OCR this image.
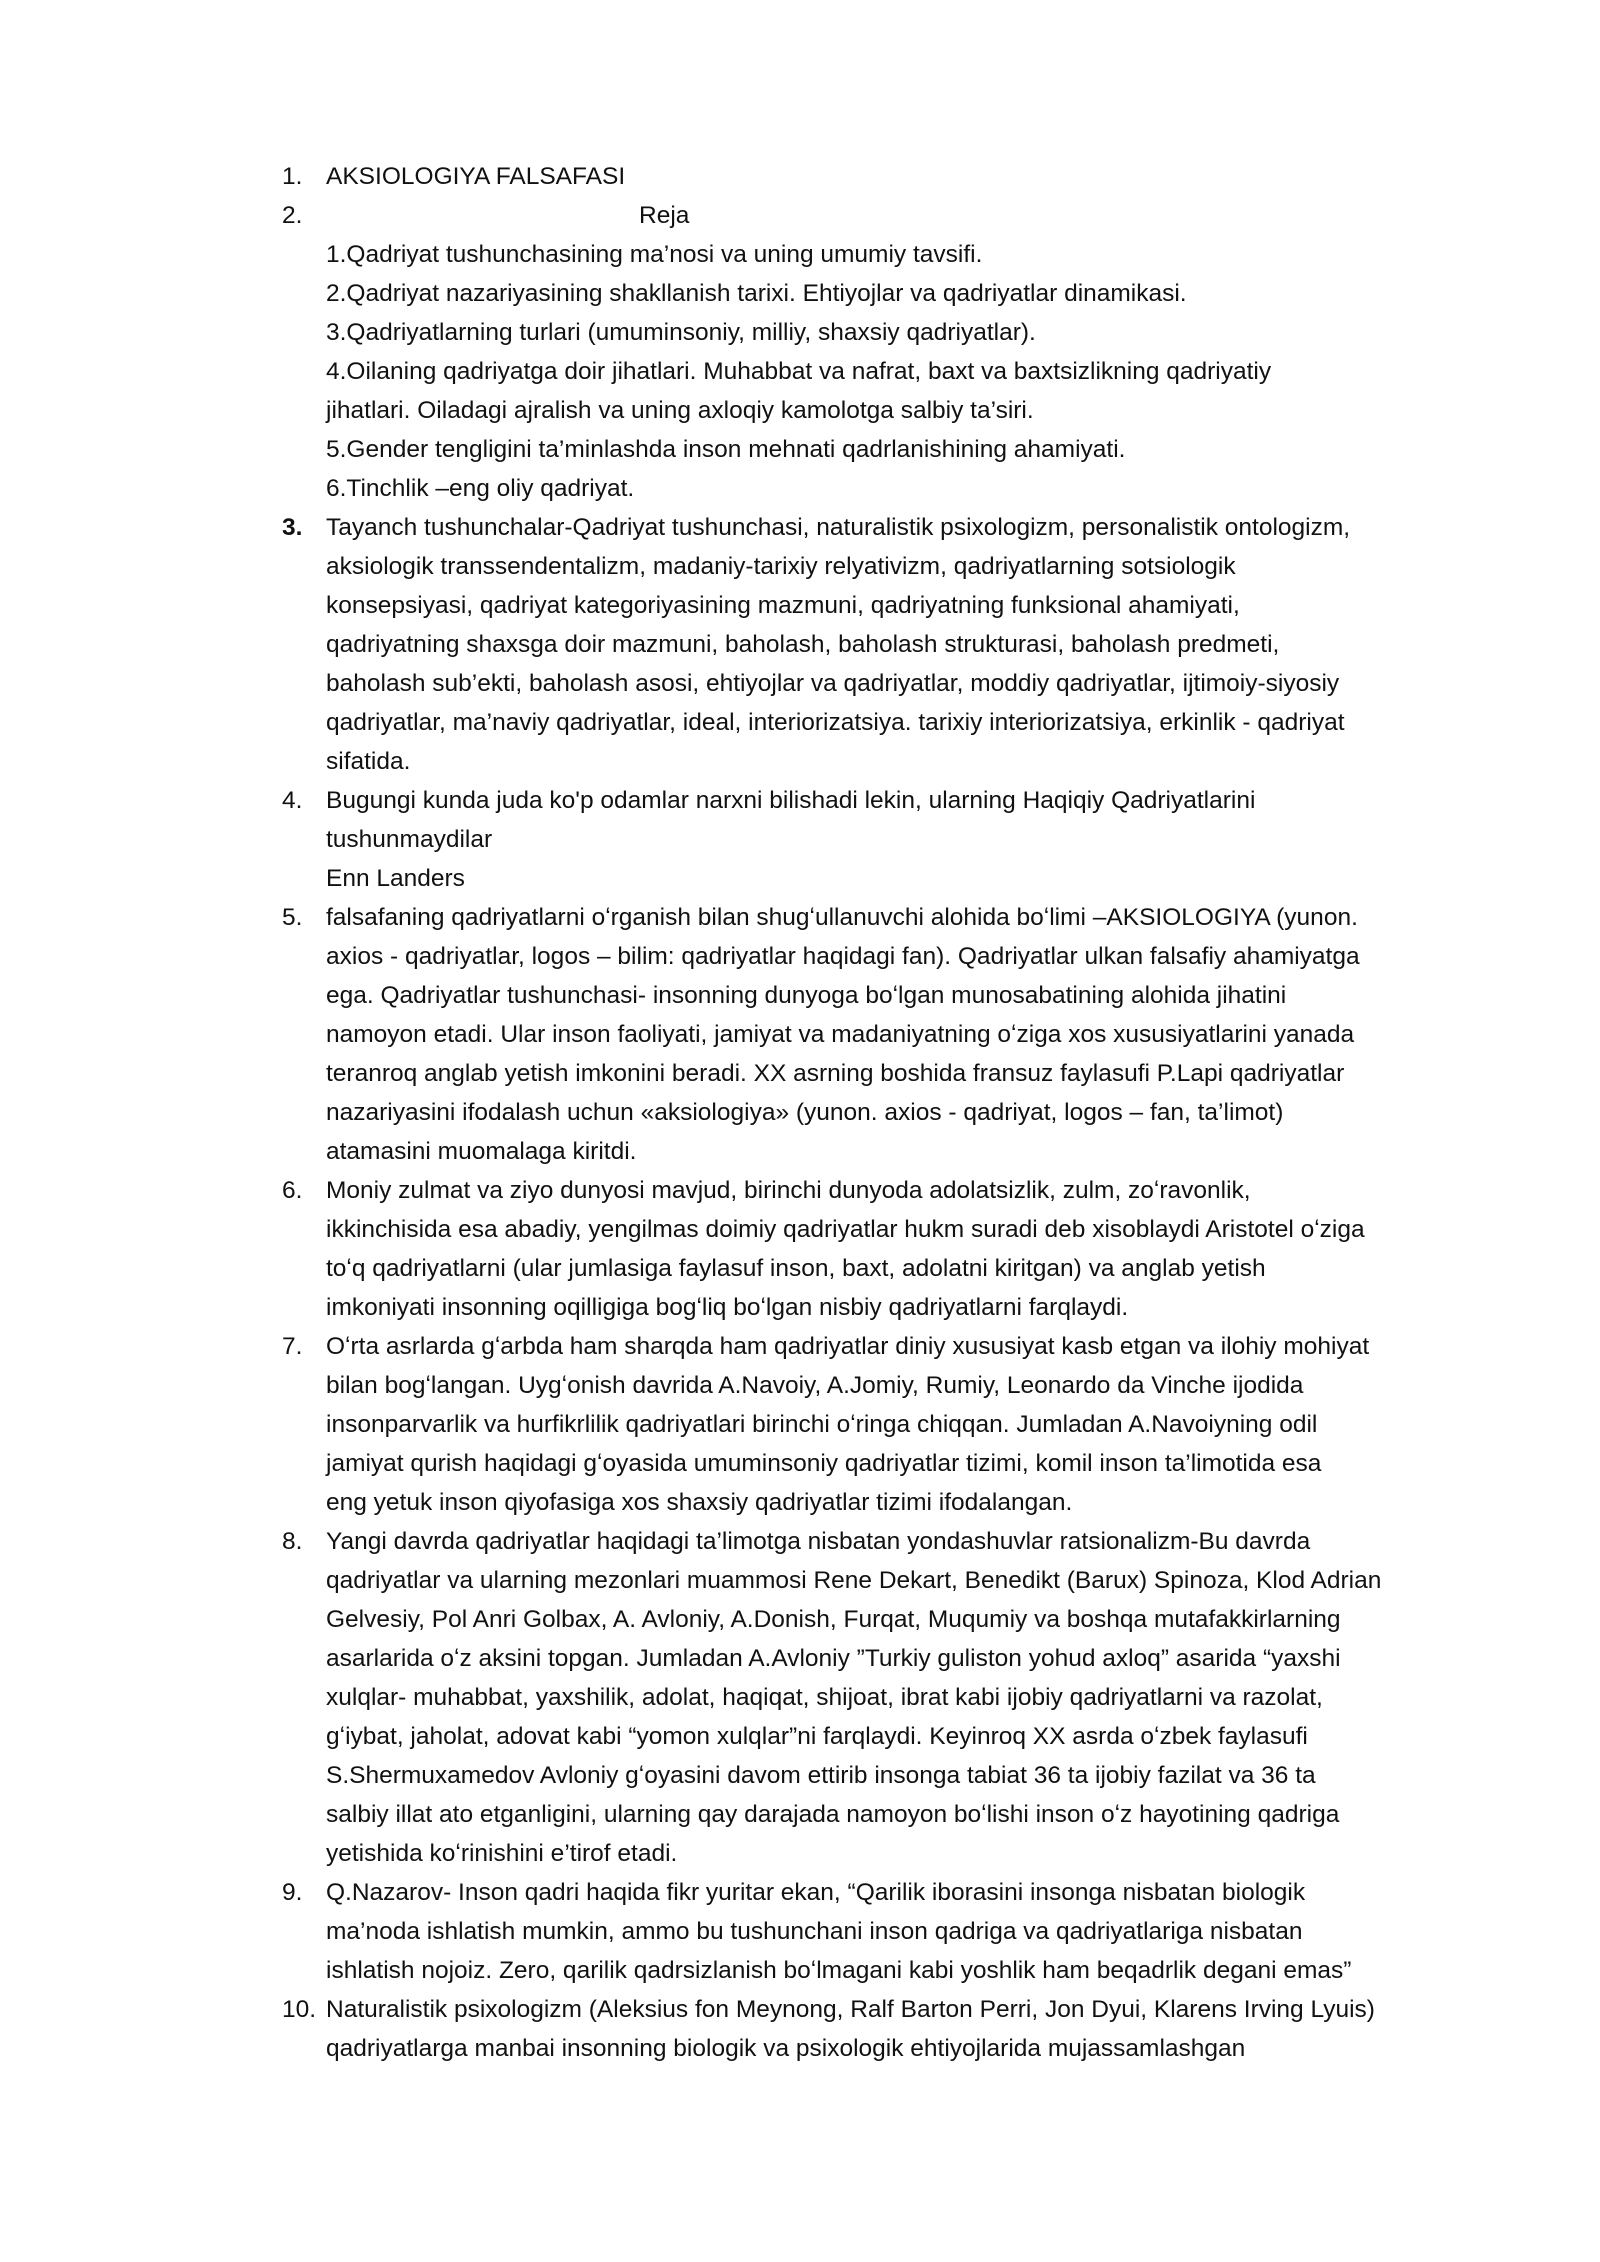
1. AKSIOLOGIYA FALSAFASI
2.	Reja
1.Qadriyat tushunchasining ma’nosi va uning umumiy tavsifi.
2.Qadriyat nazariyasining shakllanish tarixi. Ehtiyojlar va qadriyatlar dinamikasi.
3.Qadriyatlarning turlari (umuminsoniy, milliy, shaxsiy qadriyatlar).
4.Oilaning qadriyatga doir jihatlari. Muhabbat va nafrat, baxt va baxtsizlikning qadriyatiy
jihatlari. Oiladagi ajralish va uning axloqiy kamolotga salbiy ta’siri.
5.Gender tengligini ta’minlashda inson mehnati qadrlanishining ahamiyati.
6.Tinchlik –eng oliy qadriyat.
3. Tayanch tushunchalar-Qadriyat tushunchasi, naturalistik psixologizm, personalistik ontologizm,
aksiologik transsendentalizm, madaniy-tarixiy relyativizm, qadriyatlarning sotsiologik
konsepsiyasi, qadriyat kategoriyasining mazmuni, qadriyatning funksional ahamiyati,
qadriyatning shaxsga doir mazmuni, baholash, baholash strukturasi, baholash predmeti,
baholash sub’ekti, baholash asosi, ehtiyojlar va qadriyatlar, moddiy qadriyatlar, ijtimoiy-siyosiy
qadriyatlar, ma’naviy qadriyatlar, ideal, interiorizatsiya. tarixiy interiorizatsiya, erkinlik - qadriyat
sifatida.
4. Bugungi kunda juda ko'p odamlar narxni bilishadi lekin, ularning Haqiqiy Qadriyatlarini
tushunmaydilar
Enn Landers
5. falsafaning qadriyatlarni oʻrganish bilan shugʻullanuvchi alohida boʻlimi –AKSIOLOGIYA (yunon.
axios - qadriyatlar, logos – bilim: qadriyatlar haqidagi fan). Qadriyatlar ulkan falsafiy ahamiyatga
ega. Qadriyatlar tushunchasi- insonning dunyoga boʻlgan munosabatining alohida jihatini
namoyon etadi. Ular inson faoliyati, jamiyat va madaniyatning oʻziga xos xususiyatlarini yanada
teranroq anglab yetish imkonini beradi. XX asrning boshida fransuz faylasufi P.Lapi qadriyatlar
nazariyasini ifodalash uchun «aksiologiya» (yunon. axios - qadriyat, logos – fan, ta’limot)
atamasini muomalaga kiritdi.
6. Moniy zulmat va ziyo dunyosi mavjud, birinchi dunyoda adolatsizlik, zulm, zoʻravonlik,
ikkinchisida esa abadiy, yengilmas doimiy qadriyatlar hukm suradi deb xisoblaydi Aristotel oʻziga
toʻq qadriyatlarni (ular jumlasiga faylasuf inson, baxt, adolatni kiritgan) va anglab yetish
imkoniyati insonning oqilligiga bogʻliq boʻlgan nisbiy qadriyatlarni farqlaydi.
7. Oʻrta asrlarda gʻarbda ham sharqda ham qadriyatlar diniy xususiyat kasb etgan va ilohiy mohiyat
bilan bogʻlangan. Uygʻonish davrida A.Navoiy, A.Jomiy, Rumiy, Leonardo da Vinche ijodida
insonparvarlik va hurfikrlilik qadriyatlari birinchi oʻringa chiqqan. Jumladan A.Navoiyning odil
jamiyat qurish haqidagi gʻoyasida umuminsoniy qadriyatlar tizimi, komil inson ta’limotida esa
eng yetuk inson qiyofasiga xos shaxsiy qadriyatlar tizimi ifodalangan.
8. Yangi davrda qadriyatlar haqidagi ta’limotga nisbatan yondashuvlar ratsionalizm-Bu davrda
qadriyatlar va ularning mezonlari muammosi Rene Dekart, Benedikt (Barux) Spinoza, Klod Adrian
Gelvesiy, Pol Anri Golbax, A. Avloniy, A.Donish, Furqat, Muqumiy va boshqa mutafakkirlarning
asarlarida oʻz aksini topgan. Jumladan A.Avloniy ”Turkiy guliston yohud axloq” asarida “yaxshi
xulqlar- muhabbat, yaxshilik, adolat, haqiqat, shijoat, ibrat kabi ijobiy qadriyatlarni va razolat,
gʻiybat, jaholat, adovat kabi “yomon xulqlar”ni farqlaydi. Keyinroq XX asrda oʻzbek faylasufi
S.Shermuxamedov Avloniy gʻoyasini davom ettirib insonga tabiat 36 ta ijobiy fazilat va 36 ta
salbiy illat ato etganligini, ularning qay darajada namoyon boʻlishi inson oʻz hayotining qadriga
yetishida koʻrinishini e’tirof etadi.
9. Q.Nazarov- Inson qadri haqida fikr yuritar ekan, “Qarilik iborasini insonga nisbatan biologik
ma’noda ishlatish mumkin, ammo bu tushunchani inson qadriga va qadriyatlariga nisbatan
ishlatish nojoiz. Zero, qarilik qadrsizlanish boʻlmagani kabi yoshlik ham beqadrlik degani emas”
10. Naturalistik psixologizm (Aleksius fon Meynong, Ralf Barton Perri, Jon Dyui, Klarens Irving Lyuis)
qadriyatlarga manbai insonning biologik va psixologik ehtiyojlarida mujassamlashgan
